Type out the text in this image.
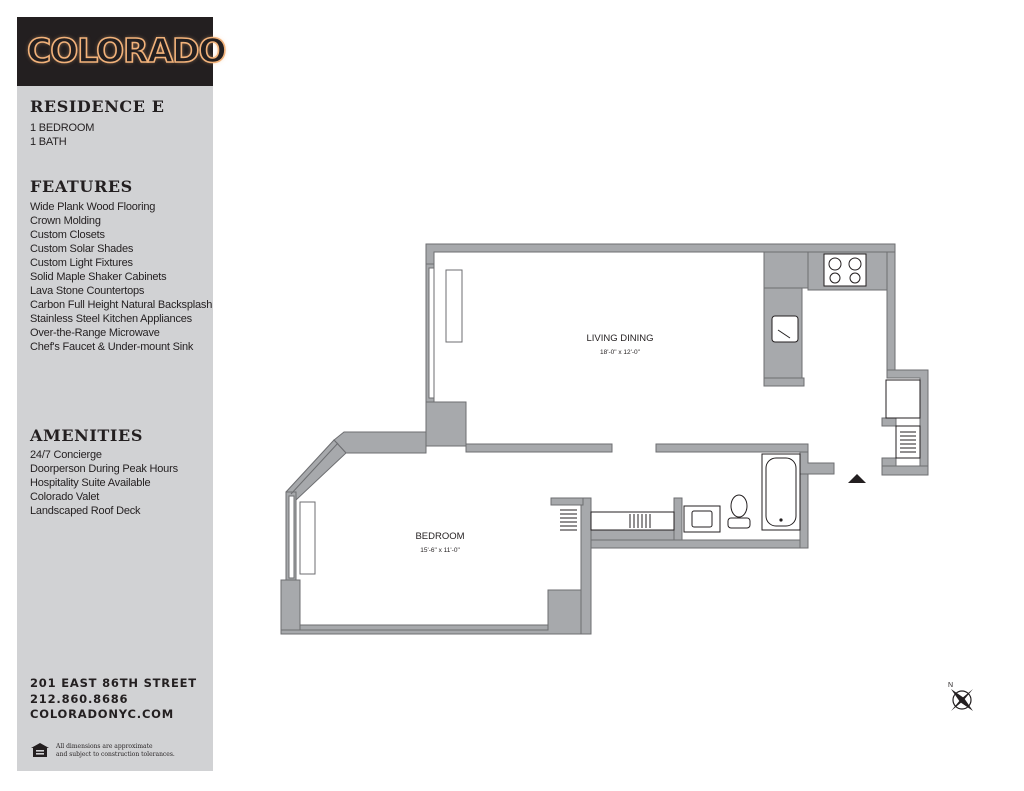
COLORADO
RESIDENCE E
1 BEDROOM
1 BATH
FEATURES
Wide Plank Wood Flooring
Crown Molding
Custom Closets
Custom Solar Shades
Custom Light Fixtures
Solid Maple Shaker Cabinets
Lava Stone Countertops
Carbon Full Height Natural Backsplash
Stainless Steel Kitchen Appliances
Over-the-Range Microwave
Chef's Faucet & Under-mount Sink
AMENITIES
24/7 Concierge
Doorperson During Peak Hours
Hospitality Suite Available
Colorado Valet
Landscaped Roof Deck
201 EAST 86TH STREET
212.860.8686
COLORADONYC.COM
All dimensions are approximate
and subject to construction tolerances.
N
LIVING DINING
18'-0" x 12'-0"
BEDROOM
15'-6" x 11'-0"
